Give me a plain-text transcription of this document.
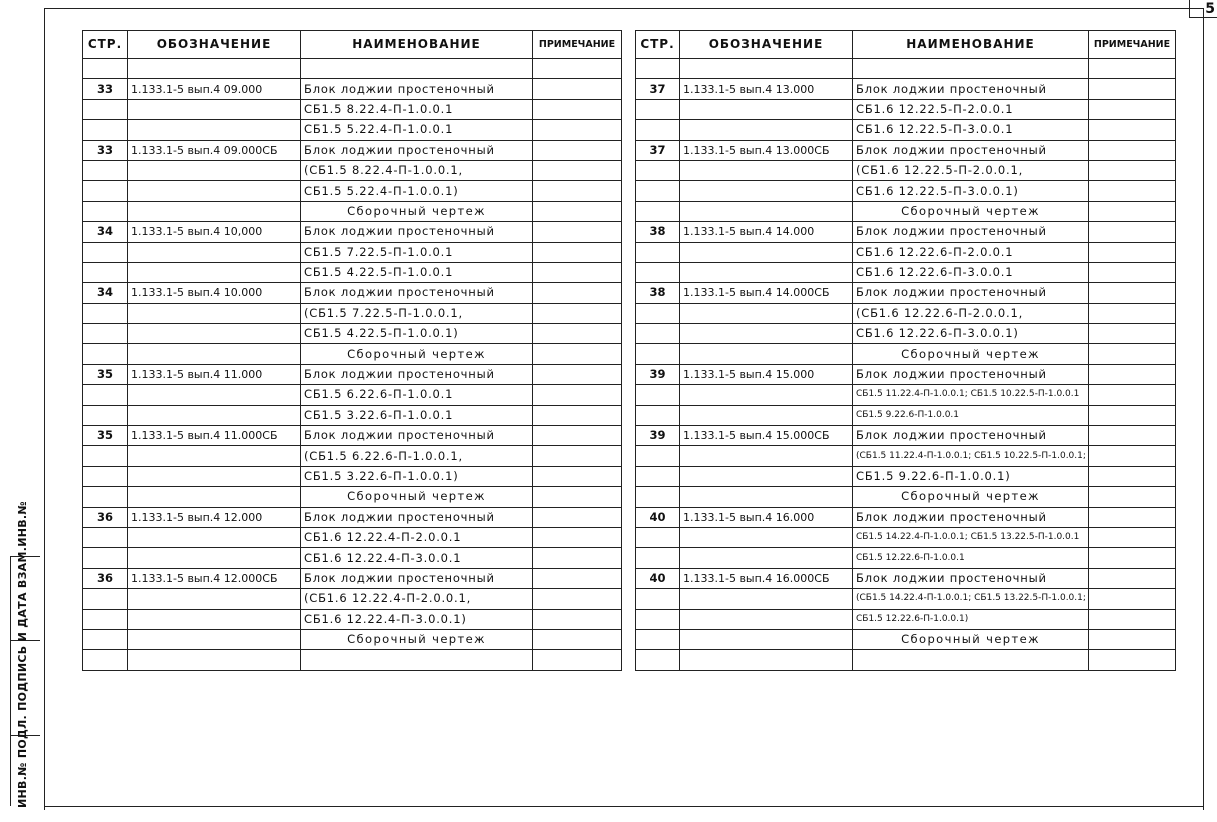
5
ИНВ.№ ПОДЛ. ПОДПИСЬ И ДАТА ВЗАМ.ИНВ.№
СТР.	ОБОЗНАЧЕНИЕ	НАИМЕНОВАНИЕ	ПРИМЕЧАНИЕ

33	1.133.1-5 вып.4 09.000	Блок лоджии простеночный	
		СБ1.5 8.22.4-П-1.0.0.1	
		СБ1.5 5.22.4-П-1.0.0.1	
33	1.133.1-5 вып.4 09.000СБ	Блок лоджии простеночный	
		(СБ1.5 8.22.4-П-1.0.0.1,	
		СБ1.5 5.22.4-П-1.0.0.1)	
		Сборочный чертеж	
34	1.133.1-5 вып.4 10,000	Блок лоджии простеночный	
		СБ1.5 7.22.5-П-1.0.0.1	
		СБ1.5 4.22.5-П-1.0.0.1	
34	1.133.1-5 вып.4 10.000	Блок лоджии простеночный	
		(СБ1.5 7.22.5-П-1.0.0.1,	
		СБ1.5 4.22.5-П-1.0.0.1)	
		Сборочный чертеж	
35	1.133.1-5 вып.4 11.000	Блок лоджии простеночный	
		СБ1.5 6.22.6-П-1.0.0.1	
		СБ1.5 3.22.6-П-1.0.0.1	
35	1.133.1-5 вып.4 11.000СБ	Блок лоджии простеночный	
		(СБ1.5 6.22.6-П-1.0.0.1,	
		СБ1.5 3.22.6-П-1.0.0.1)	
		Сборочный чертеж	
36	1.133.1-5 вып.4 12.000	Блок лоджии простеночный	
		СБ1.6 12.22.4-П-2.0.0.1	
		СБ1.6 12.22.4-П-3.0.0.1	
36	1.133.1-5 вып.4 12.000СБ	Блок лоджии простеночный	
		(СБ1.6 12.22.4-П-2.0.0.1,	
		СБ1.6 12.22.4-П-3.0.0.1)	
		Сборочный чертеж	

СТР.	ОБОЗНАЧЕНИЕ	НАИМЕНОВАНИЕ	ПРИМЕЧАНИЕ

37	1.133.1-5 вып.4 13.000	Блок лоджии простеночный	
		СБ1.6 12.22.5-П-2.0.0.1	
		СБ1.6 12.22.5-П-3.0.0.1	
37	1.133.1-5 вып.4 13.000СБ	Блок лоджии простеночный	
		(СБ1.6 12.22.5-П-2.0.0.1,	
		СБ1.6 12.22.5-П-3.0.0.1)	
		Сборочный чертеж	
38	1.133.1-5 вып.4 14.000	Блок лоджии простеночный	
		СБ1.6 12.22.6-П-2.0.0.1	
		СБ1.6 12.22.6-П-3.0.0.1	
38	1.133.1-5 вып.4 14.000СБ	Блок лоджии простеночный	
		(СБ1.6 12.22.6-П-2.0.0.1,	
		СБ1.6 12.22.6-П-3.0.0.1)	
		Сборочный чертеж	
39	1.133.1-5 вып.4 15.000	Блок лоджии простеночный	
		СБ1.5 11.22.4-П-1.0.0.1; СБ1.5 10.22.5-П-1.0.0.1	
		СБ1.5 9.22.6-П-1.0.0.1	
39	1.133.1-5 вып.4 15.000СБ	Блок лоджии простеночный	
		(СБ1.5 11.22.4-П-1.0.0.1; СБ1.5 10.22.5-П-1.0.0.1;	
		СБ1.5 9.22.6-П-1.0.0.1)	
		Сборочный чертеж	
40	1.133.1-5 вып.4 16.000	Блок лоджии простеночный	
		СБ1.5 14.22.4-П-1.0.0.1; СБ1.5 13.22.5-П-1.0.0.1	
		СБ1.5 12.22.6-П-1.0.0.1	
40	1.133.1-5 вып.4 16.000СБ	Блок лоджии простеночный	
		(СБ1.5 14.22.4-П-1.0.0.1; СБ1.5 13.22.5-П-1.0.0.1;	
		СБ1.5 12.22.6-П-1.0.0.1)	
		Сборочный чертеж	
